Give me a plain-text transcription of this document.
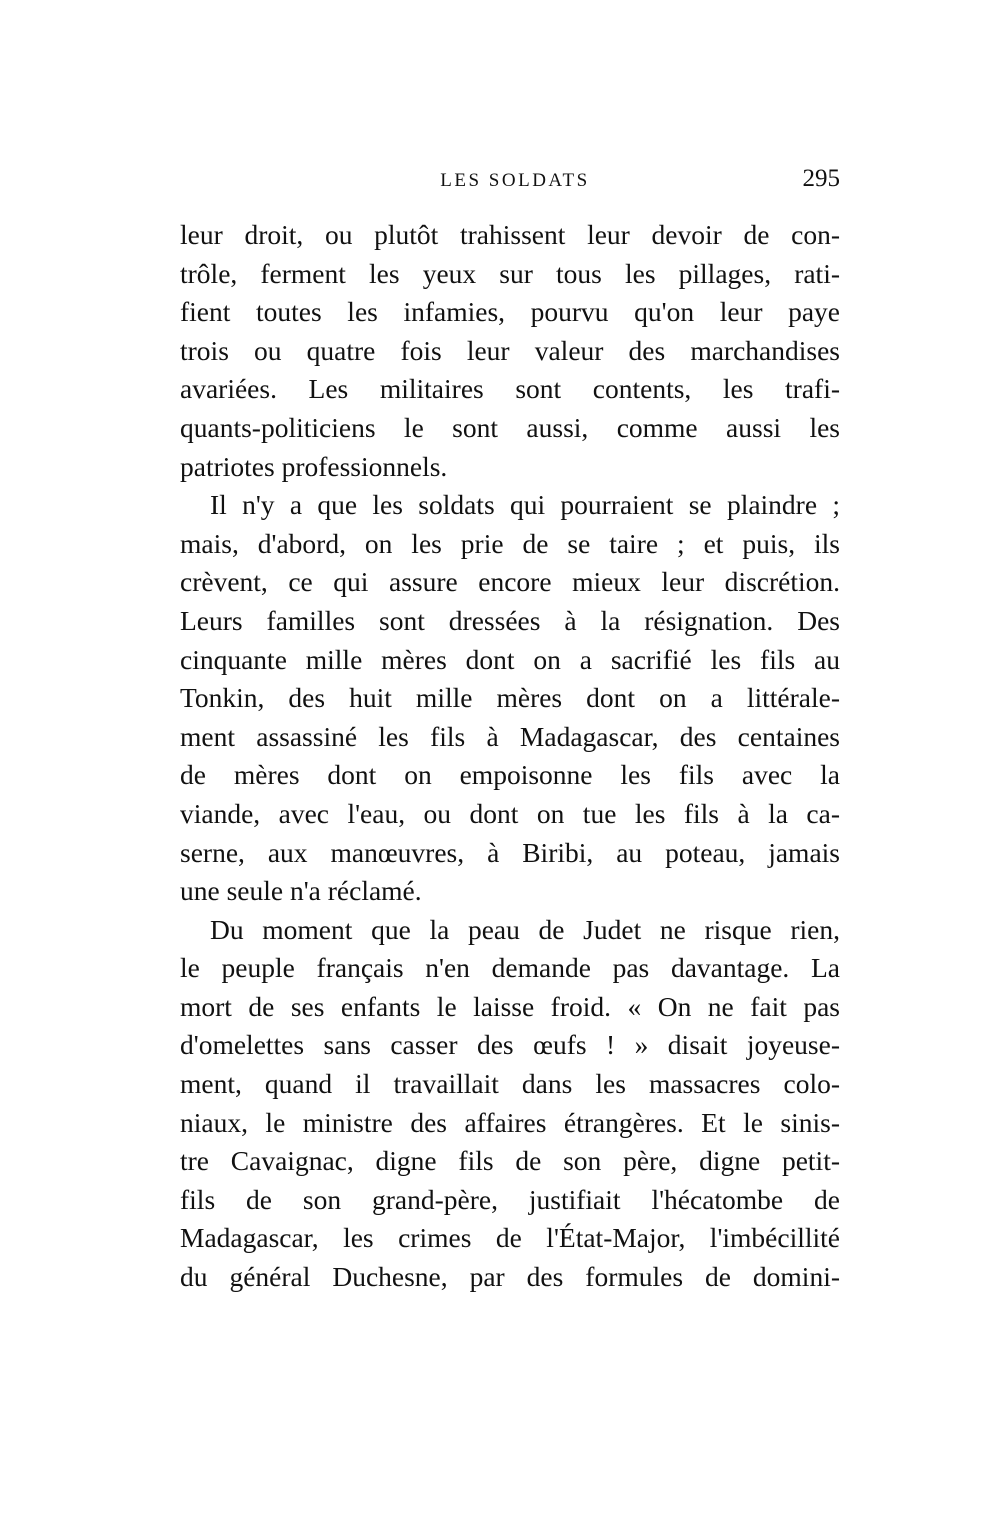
LES SOLDATS	295
leur droit, ou plutôt trahissent leur devoir de con-
trôle, ferment les yeux sur tous les pillages, rati-
fient toutes les infamies, pourvu qu'on leur paye
trois ou quatre fois leur valeur des marchandises
avariées. Les militaires sont contents, les trafi-
quants-politiciens le sont aussi, comme aussi les
patriotes professionnels.
Il n'y a que les soldats qui pourraient se plaindre ;
mais, d'abord, on les prie de se taire ; et puis, ils
crèvent, ce qui assure encore mieux leur discrétion.
Leurs familles sont dressées à la résignation. Des
cinquante mille mères dont on a sacrifié les fils au
Tonkin, des huit mille mères dont on a littérale-
ment assassiné les fils à Madagascar, des centaines
de mères dont on empoisonne les fils avec la
viande, avec l'eau, ou dont on tue les fils à la ca-
serne, aux manœuvres, à Biribi, au poteau, jamais
une seule n'a réclamé.
Du moment que la peau de Judet ne risque rien,
le peuple français n'en demande pas davantage. La
mort de ses enfants le laisse froid. « On ne fait pas
d'omelettes sans casser des œufs ! » disait joyeuse-
ment, quand il travaillait dans les massacres colo-
niaux, le ministre des affaires étrangères. Et le sinis-
tre Cavaignac, digne fils de son père, digne petit-
fils de son grand-père, justifiait l'hécatombe de
Madagascar, les crimes de l'État-Major, l'imbécillité
du général Duchesne, par des formules de domini-
